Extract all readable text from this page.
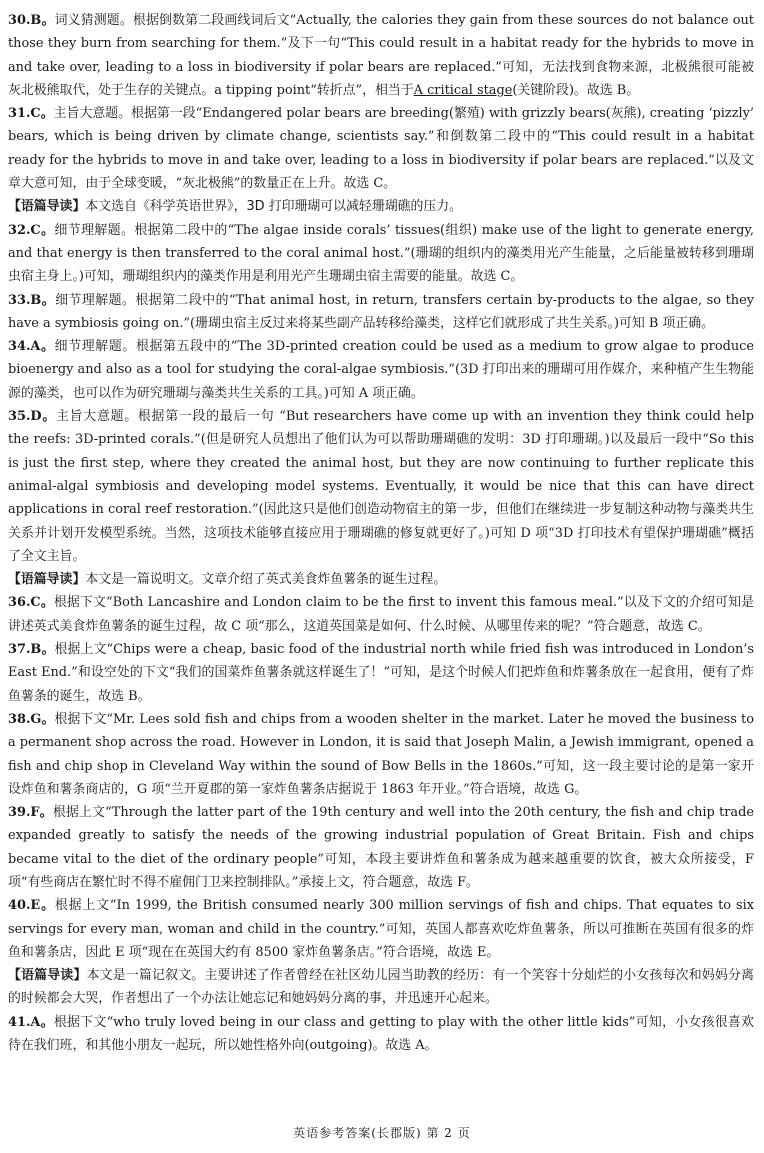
30.B。词义猜测题。根据倒数第二段画线词后文“Actually, the calories they gain from these sources do not balance out those they burn from searching for them.”及下一句“This could result in a habitat ready for the hybrids to move in and take over, leading to a loss in biodiversity if polar bears are replaced.”可知，无法找到食物来源，北极熊很可能被灰北极熊取代，处于生存的关键点。a tipping point“转折点”，相当于A critical stage(关键阶段)。故选 B。

31.C。主旨大意题。根据第一段“Endangered polar bears are breeding(繁殖) with grizzly bears(灰熊), creating ‘pizzly’ bears, which is being driven by climate change, scientists say.”和倒数第二段中的“This could result in a habitat ready for the hybrids to move in and take over, leading to a loss in biodiversity if polar bears are replaced.”以及文章大意可知，由于全球变暖，“灰北极熊”的数量正在上升。故选 C。

【语篇导读】本文选自《科学英语世界》，3D 打印珊瑚可以减轻珊瑚礁的压力。

32.C。细节理解题。根据第二段中的“The algae inside corals’ tissues(组织) make use of the light to generate energy, and that energy is then transferred to the coral animal host.”(珊瑚的组织内的藻类用光产生能量，之后能量被转移到珊瑚虫宿主身上。)可知，珊瑚组织内的藻类作用是利用光产生珊瑚虫宿主需要的能量。故选 C。

33.B。细节理解题。根据第二段中的“That animal host, in return, transfers certain by-products to the algae, so they have a symbiosis going on.”(珊瑚虫宿主反过来将某些副产品转移给藻类，这样它们就形成了共生关系。)可知 B 项正确。

34.A。细节理解题。根据第五段中的“The 3D-printed creation could be used as a medium to grow algae to produce bioenergy and also as a tool for studying the coral-algae symbiosis.”(3D 打印出来的珊瑚可用作媒介，来种植产生生物能源的藻类，也可以作为研究珊瑚与藻类共生关系的工具。)可知 A 项正确。

35.D。主旨大意题。根据第一段的最后一句 “But researchers have come up with an invention they think could help the reefs: 3D-printed corals.”(但是研究人员想出了他们认为可以帮助珊瑚礁的发明：3D 打印珊瑚。)以及最后一段中“So this is just the first step, where they created the animal host, but they are now continuing to further replicate this animal-algal symbiosis and developing model systems. Eventually, it would be nice that this can have direct applications in coral reef restoration.”(因此这只是他们创造动物宿主的第一步，但他们在继续进一步复制这种动物与藻类共生关系并计划开发模型系统。当然，这项技术能够直接应用于珊瑚礁的修复就更好了。)可知 D 项“3D 打印技术有望保护珊瑚礁”概括了全文主旨。

【语篇导读】本文是一篇说明文。文章介绍了英式美食炸鱼薯条的诞生过程。

36.C。根据下文“Both Lancashire and London claim to be the first to invent this famous meal.”以及下文的介绍可知是讲述英式美食炸鱼薯条的诞生过程，故 C 项“那么，这道英国菜是如何、什么时候、从哪里传来的呢？”符合题意，故选 C。

37.B。根据上文“Chips were a cheap, basic food of the industrial north while fried fish was introduced in London’s East End.”和设空处的下文“我们的国菜炸鱼薯条就这样诞生了！”可知，是这个时候人们把炸鱼和炸薯条放在一起食用，便有了炸鱼薯条的诞生，故选 B。

38.G。根据下文“Mr. Lees sold fish and chips from a wooden shelter in the market. Later he moved the business to a permanent shop across the road. However in London, it is said that Joseph Malin, a Jewish immigrant, opened a fish and chip shop in Cleveland Way within the sound of Bow Bells in the 1860s.”可知，这一段主要讨论的是第一家开设炸鱼和薯条商店的，G 项“兰开夏郡的第一家炸鱼薯条店据说于 1863 年开业。”符合语境，故选 G。

39.F。根据上文“Through the latter part of the 19th century and well into the 20th century, the fish and chip trade expanded greatly to satisfy the needs of the growing industrial population of Great Britain. Fish and chips became vital to the diet of the ordinary people”可知，本段主要讲炸鱼和薯条成为越来越重要的饮食，被大众所接受，F 项“有些商店在繁忙时不得不雇佣门卫来控制排队。”承接上文，符合题意，故选 F。

40.E。根据上文“In 1999, the British consumed nearly 300 million servings of fish and chips. That equates to six servings for every man, woman and child in the country.”可知，英国人都喜欢吃炸鱼薯条，所以可推断在英国有很多的炸鱼和薯条店，因此 E 项“现在在英国大约有 8500 家炸鱼薯条店。”符合语境，故选 E。

【语篇导读】本文是一篇记叙文。主要讲述了作者曾经在社区幼儿园当助教的经历：有一个笑容十分灿烂的小女孩每次和妈妈分离的时候都会大哭，作者想出了一个办法让她忘记和她妈妈分离的事，并迅速开心起来。

41.A。根据下文“who truly loved being in our class and getting to play with the other little kids”可知，小女孩很喜欢待在我们班，和其他小朋友一起玩，所以她性格外向(outgoing)。故选 A。

英语参考答案(长郡版) 第 2 页
